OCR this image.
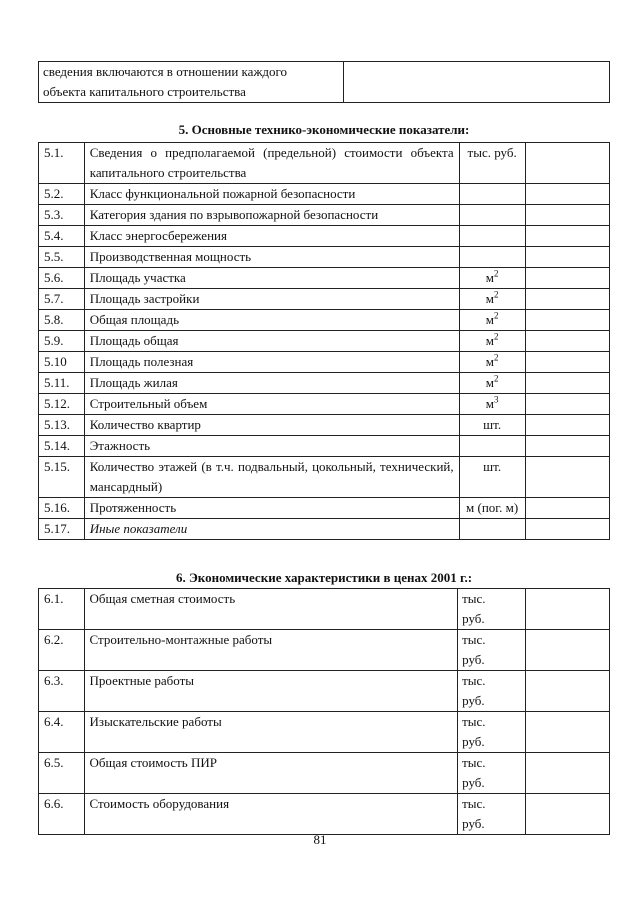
сведения включаются в отношении каждого
объекта капитального строительства

5. Основные технико-экономические показатели:
5.1.	Сведения о предполагаемой (предельной) стоимости объекта капитального строительства	тыс. руб.	
5.2.	Класс функциональной пожарной безопасности		
5.3.	Категория здания по взрывопожарной безопасности		
5.4.	Класс энергосбережения		
5.5.	Производственная мощность		
5.6.	Площадь участка	$м^2$	
5.7.	Площадь застройки	$м^2$	
5.8.	Общая площадь	$м^2$	
5.9.	Площадь общая	$м^2$	
5.10	Площадь полезная	$м^2$	
5.11.	Площадь жилая	$м^2$	
5.12.	Строительный объем	$м^3$	
5.13.	Количество квартир	шт.	
5.14.	Этажность		
5.15.	Количество этажей (в т.ч. подвальный, цокольный, технический, мансардный)	шт.	
5.16.	Протяженность	м (пог. м)	
5.17.	Иные показатели		
6. Экономические характеристики в ценах 2001 г.:
6.1.	Общая сметная стоимость	тыс.
руб.	

6.2.	Строительно-монтажные работы	тыс.
руб.	

6.3.	Проектные работы	тыс.
руб.	

6.4.	Изыскательские работы	тыс.
руб.	

6.5.	Общая стоимость ПИР	тыс.
руб.	

6.6.	Стоимость оборудования	тыс.
руб.	

81
